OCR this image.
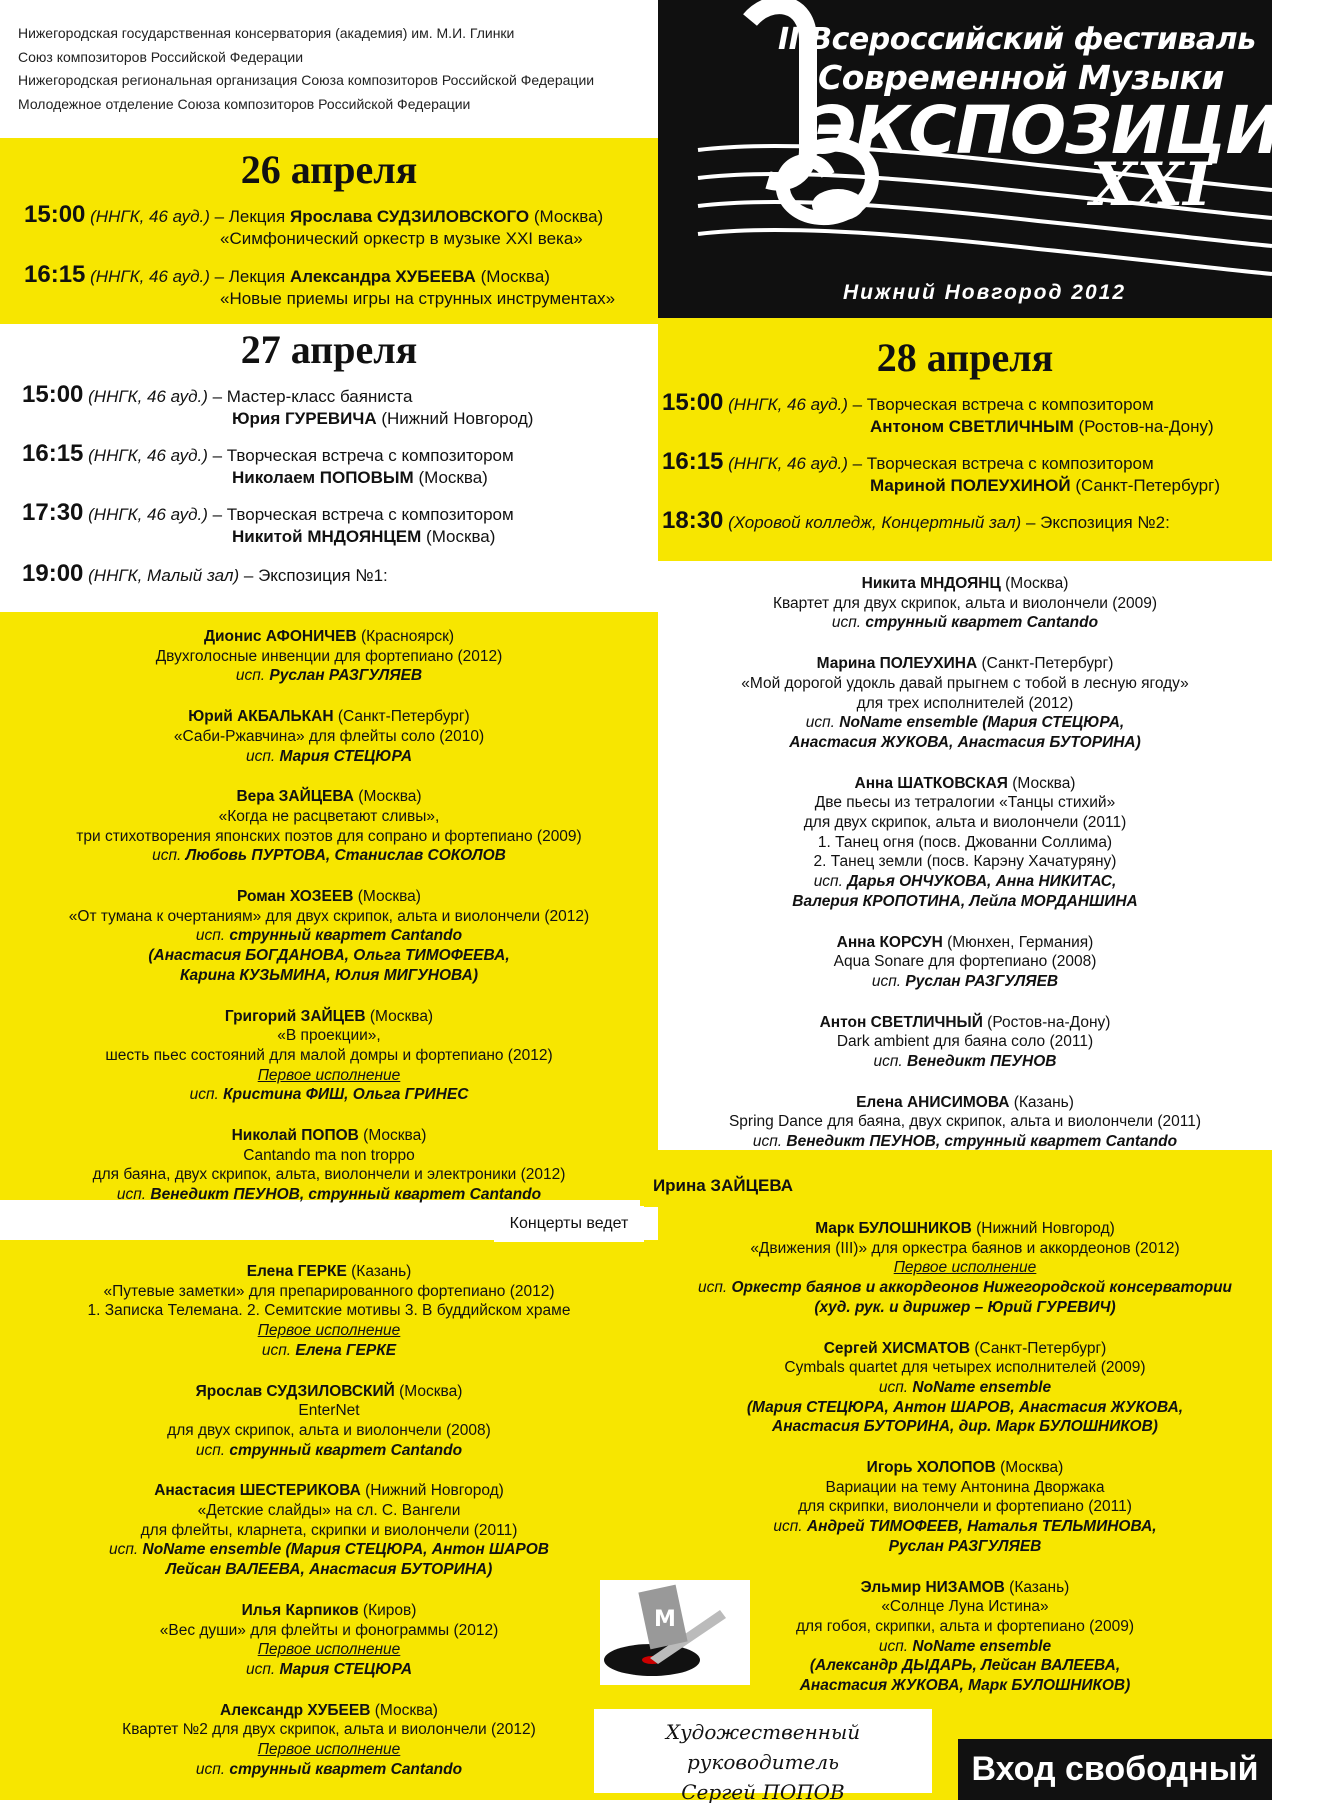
Нижегородская государственная консерватория (академия) им. М.И. Глинки
Союз композиторов Российской Федерации
Нижегородская региональная организация Союза композиторов Российской Федерации
Молодежное отделение Союза композиторов Российской Федерации
II Всероссийский фестиваль
Современной Музыки
ЭКСПОЗИЦИЯ
XXI
Нижний Новгород 2012
26 апреля
15:00 (ННГК, 46 ауд.) – Лекция Ярослава СУДЗИЛОВСКОГО (Москва)
«Симфонический оркестр в музыке XXI века»
16:15 (ННГК, 46 ауд.) – Лекция Александра ХУБЕЕВА (Москва)
«Новые приемы игры на струнных инструментах»
27 апреля
15:00 (ННГК, 46 ауд.) – Мастер-класс баяниста
Юрия ГУРЕВИЧА (Нижний Новгород)
16:15 (ННГК, 46 ауд.) – Творческая встреча с композитором
Николаем ПОПОВЫМ (Москва)
17:30 (ННГК, 46 ауд.) – Творческая встреча с композитором
Никитой МНДОЯНЦЕМ (Москва)
19:00 (ННГК, Малый зал) – Экспозиция №1:
Дионис АФОНИЧЕВ (Красноярск)
Двухголосные инвенции для фортепиано (2012)
исп. Руслан РАЗГУЛЯЕВ
Юрий АКБАЛЬКАН (Санкт-Петербург)
«Саби-Ржавчина» для флейты соло (2010)
исп. Мария СТЕЦЮРА
Вера ЗАЙЦЕВА (Москва)
«Когда не расцветают сливы»,
три стихотворения японских поэтов для сопрано и фортепиано (2009)
исп. Любовь ПУРТОВА, Станислав СОКОЛОВ
Роман ХОЗЕЕВ (Москва)
«От тумана к очертаниям» для двух скрипок, альта и виолончели (2012)
исп. струнный квартет Cantando
(Анастасия БОГДАНОВА, Ольга ТИМОФЕЕВА,
Карина КУЗЬМИНА, Юлия МИГУНОВА)
Григорий ЗАЙЦЕВ (Москва)
«В проекции»,
шесть пьес состояний для малой домры и фортепиано (2012)
Первое исполнение
исп. Кристина ФИШ, Ольга ГРИНЕС
Николай ПОПОВ (Москва)
Cantando ma non troppo
для баяна, двух скрипок, альта, виолончели и электроники (2012)
исп. Венедикт ПЕУНОВ, струнный квартет Cantando
Концерты ведет
Ирина ЗАЙЦЕВА
Елена ГЕРКЕ (Казань)
«Путевые заметки» для препарированного фортепиано (2012)
1. Записка Телемана. 2. Семитские мотивы 3. В буддийском храме
Первое исполнение
исп. Елена ГЕРКЕ
Ярослав СУДЗИЛОВСКИЙ (Москва)
EnterNet
для двух скрипок, альта и виолончели (2008)
исп. струнный квартет Cantando
Анастасия ШЕСТЕРИКОВА (Нижний Новгород)
«Детские слайды» на сл. С. Вангели
для флейты, кларнета, скрипки и виолончели (2011)
исп. NoName ensemble (Мария СТЕЦЮРА, Антон ШАРОВ
Лейсан ВАЛЕЕВА, Анастасия БУТОРИНА)
Илья Карпиков (Киров)
«Вес души» для флейты и фонограммы (2012)
Первое исполнение
исп. Мария СТЕЦЮРА
Александр ХУБЕЕВ (Москва)
Квартет №2 для двух скрипок, альта и виолончели (2012)
Первое исполнение
исп. струнный квартет Cantando
28 апреля
15:00 (ННГК, 46 ауд.) – Творческая встреча с композитором
Антоном СВЕТЛИЧНЫМ (Ростов-на-Дону)
16:15 (ННГК, 46 ауд.) – Творческая встреча с композитором
Мариной ПОЛЕУХИНОЙ (Санкт-Петербург)
18:30 (Хоровой колледж, Концертный зал) – Экспозиция №2:
Никита МНДОЯНЦ (Москва)
Квартет для двух скрипок, альта и виолончели (2009)
исп. струнный квартет Cantando
Марина ПОЛЕУХИНА (Санкт-Петербург)
«Мой дорогой удокль давай прыгнем с тобой в лесную ягоду»
для трех исполнителей (2012)
исп. NoName ensemble (Мария СТЕЦЮРА,
Анастасия ЖУКОВА, Анастасия БУТОРИНА)
Анна ШАТКОВСКАЯ (Москва)
Две пьесы из тетралогии «Танцы стихий»
для двух скрипок, альта и виолончели (2011)
1. Танец огня (посв. Джованни Соллима)
2. Танец земли (посв. Карэну Хачатуряну)
исп. Дарья ОНЧУКОВА, Анна НИКИТАС,
Валерия КРОПОТИНА, Лейла МОРДАНШИНА
Анна КОРСУН (Мюнхен, Германия)
Aqua Sonare для фортепиано (2008)
исп. Руслан РАЗГУЛЯЕВ
Антон СВЕТЛИЧНЫЙ (Ростов-на-Дону)
Dark ambient для баяна соло (2011)
исп. Венедикт ПЕУНОВ
Елена АНИСИМОВА (Казань)
Spring Dance для баяна, двух скрипок, альта и виолончели (2011)
исп. Венедикт ПЕУНОВ, струнный квартет Cantando
Марк БУЛОШНИКОВ (Нижний Новгород)
«Движения (III)» для оркестра баянов и аккордеонов (2012)
Первое исполнение
исп. Оркестр баянов и аккордеонов Нижегородской консерватории
(худ. рук. и дирижер – Юрий ГУРЕВИЧ)
Сергей ХИСМАТОВ (Санкт-Петербург)
Cymbals quartet для четырех исполнителей (2009)
исп. NoName ensemble
(Мария СТЕЦЮРА, Антон ШАРОВ, Анастасия ЖУКОВА,
Анастасия БУТОРИНА, дир. Марк БУЛОШНИКОВ)
Игорь ХОЛОПОВ (Москва)
Вариации на тему Антонина Дворжака
для скрипки, виолончели и фортепиано (2011)
исп. Андрей ТИМОФЕЕВ, Наталья ТЕЛЬМИНОВА,
Руслан РАЗГУЛЯЕВ
Эльмир НИЗАМОВ (Казань)
«Солнце Луна Истина»
для гобоя, скрипки, альта и фортепиано (2009)
исп. NoName ensemble
(Александр ДЫДАРЬ, Лейсан ВАЛЕЕВА,
Анастасия ЖУКОВА, Марк БУЛОШНИКОВ)
М
Художественный руководитель
Сергей ПОПОВ
Вход свободный
